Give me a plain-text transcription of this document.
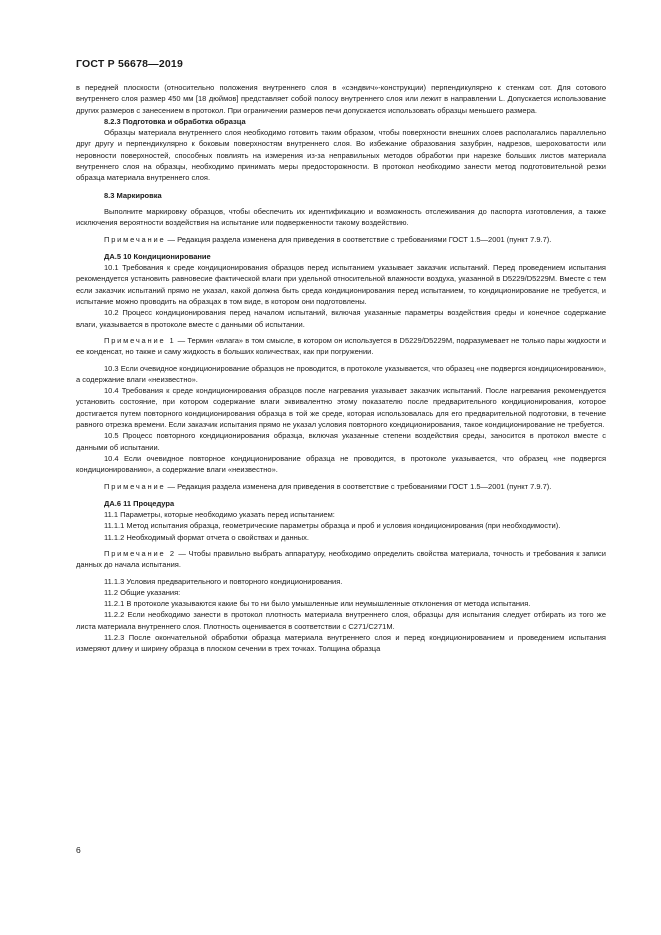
ГОСТ Р 56678—2019

в передней плоскости (относительно положения внутреннего слоя в «сэндвич»-конструкции) перпендикулярно к стенкам сот. Для сотового внутреннего слоя размер 450 мм [18 дюймов] представляет собой полосу внутреннего слоя или лежит в направлении L. Допускается использование других размеров с занесением в протокол. При ограничении размеров печи допускается использовать образцы меньшего размера.

8.2.3 Подготовка и обработка образца

Образцы материала внутреннего слоя необходимо готовить таким образом, чтобы поверхности внешних слоев располагались параллельно друг другу и перпендикулярно к боковым поверхностям внутреннего слоя. Во избежание образования зазубрин, надрезов, шероховатости или неровности поверхностей, способных повлиять на измерения из-за неправильных методов обработки при нарезке больших листов материала внутреннего слоя на образцы, необходимо принимать меры предосторожности. В протокол необходимо занести метод подготовительной резки образца материала внутреннего слоя.

8.3 Маркировка

Выполните маркировку образцов, чтобы обеспечить их идентификацию и возможность отслеживания до паспорта изготовления, а также исключения вероятности воздействия на испытание или подверженности такому воздействию.

Примечание — Редакция раздела изменена для приведения в соответствие с требованиями ГОСТ 1.5—2001 (пункт 7.9.7).

ДА.5 10 Кондиционирование

10.1 Требования к среде кондиционирования образцов перед испытанием указывает заказчик испытаний. Перед проведением испытания рекомендуется установить равновесие фактической влаги при удельной относительной влажности воздуха, указанной в D5229/D5229M. Вместе с тем если заказчик испытаний прямо не указал, какой должна быть среда кондиционирования перед испытанием, то кондиционирование не требуется, и испытание можно проводить на образцах в том виде, в котором они подготовлены.

10.2 Процесс кондиционирования перед началом испытаний, включая указанные параметры воздействия среды и конечное содержание влаги, указывается в протоколе вместе с данными об испытании.

Примечание 1 — Термин «влага» в том смысле, в котором он используется в D5229/D5229M, подразумевает не только пары жидкости и ее конденсат, но также и саму жидкость в больших количествах, как при погружении.

10.3 Если очевидное кондиционирование образцов не проводится, в протоколе указывается, что образец «не подвергся кондиционированию», а содержание влаги «неизвестно».

10.4 Требования к среде кондиционирования образцов после нагревания указывает заказчик испытаний. После нагревания рекомендуется установить состояние, при котором содержание влаги эквивалентно этому показателю после предварительного кондиционирования, которое достигается путем повторного кондиционирования образца в той же среде, которая использовалась для его предварительной подготовки, в течение равного отрезка времени. Если заказчик испытания прямо не указал условия повторного кондиционирования, такое кондиционирование не требуется.

10.5 Процесс повторного кондиционирования образца, включая указанные степени воздействия среды, заносится в протокол вместе с данными об испытании.

10.4 Если очевидное повторное кондиционирование образца не проводится, в протоколе указывается, что образец «не подвергся кондиционированию», а содержание влаги «неизвестно».

Примечание — Редакция раздела изменена для приведения в соответствие с требованиями ГОСТ 1.5—2001 (пункт 7.9.7).

ДА.6 11 Процедура

11.1 Параметры, которые необходимо указать перед испытанием:

11.1.1 Метод испытания образца, геометрические параметры образца и проб и условия кондиционирования (при необходимости).

11.1.2 Необходимый формат отчета о свойствах и данных.

Примечание 2 — Чтобы правильно выбрать аппаратуру, необходимо определить свойства материала, точность и требования к записи данных до начала испытания.

11.1.3 Условия предварительного и повторного кондиционирования.

11.2 Общие указания:

11.2.1 В протоколе указываются какие бы то ни было умышленные или неумышленные отклонения от метода испытания.

11.2.2 Если необходимо занести в протокол плотность материала внутреннего слоя, образцы для испытания следует отбирать из того же листа материала внутреннего слоя. Плотность оценивается в соответствии с С271/С271М.

11.2.3 После окончательной обработки образца материала внутреннего слоя и перед кондиционированием и проведением испытания измеряют длину и ширину образца в плоском сечении в трех точках. Толщина образца

6
